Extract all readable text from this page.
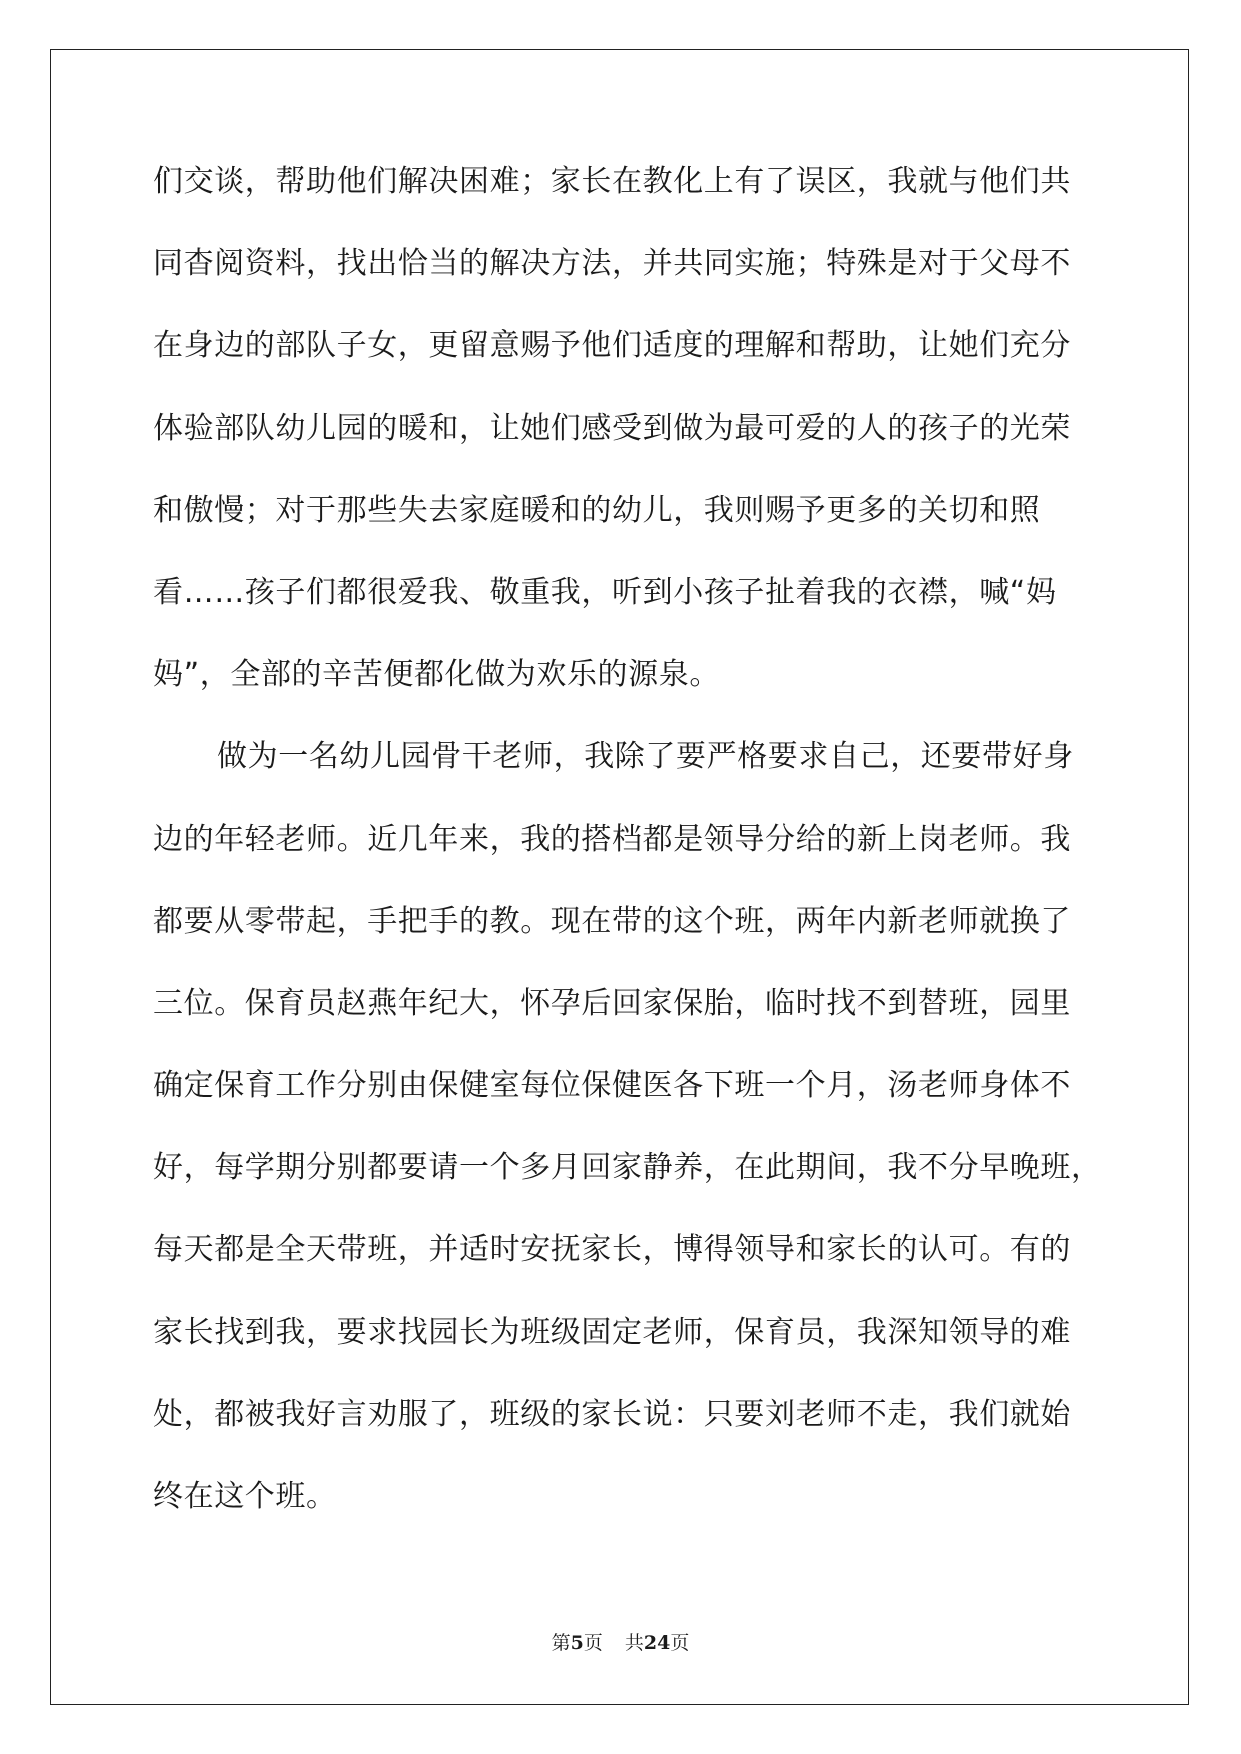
们交谈，帮助他们解决困难；家长在教化上有了误区，我就与他们共
同杳阅资料，找出恰当的解决方法，并共同实施；特殊是对于父母不
在身边的部队子女，更留意赐予他们适度的理解和帮助，让她们充分
体验部队幼儿园的暖和，让她们感受到做为最可爱的人的孩子的光荣
和傲慢；对于那些失去家庭暖和的幼儿，我则赐予更多的关切和照
看……孩子们都很爱我、敬重我，听到小孩子扯着我的衣襟，喊“妈
妈”，全部的辛苦便都化做为欢乐的源泉。
做为一名幼儿园骨干老师，我除了要严格要求自己，还要带好身
边的年轻老师。近几年来，我的搭档都是领导分给的新上岗老师。我
都要从零带起，手把手的教。现在带的这个班，两年内新老师就换了
三位。保育员赵燕年纪大，怀孕后回家保胎，临时找不到替班，园里
确定保育工作分别由保健室每位保健医各下班一个月，汤老师身体不
好，每学期分别都要请一个多月回家静养，在此期间，我不分早晚班，
每天都是全天带班，并适时安抚家长，博得领导和家长的认可。有的
家长找到我，要求找园长为班级固定老师，保育员，我深知领导的难
处，都被我好言劝服了，班级的家长说：只要刘老师不走，我们就始
终在这个班。
第5页 共24页
